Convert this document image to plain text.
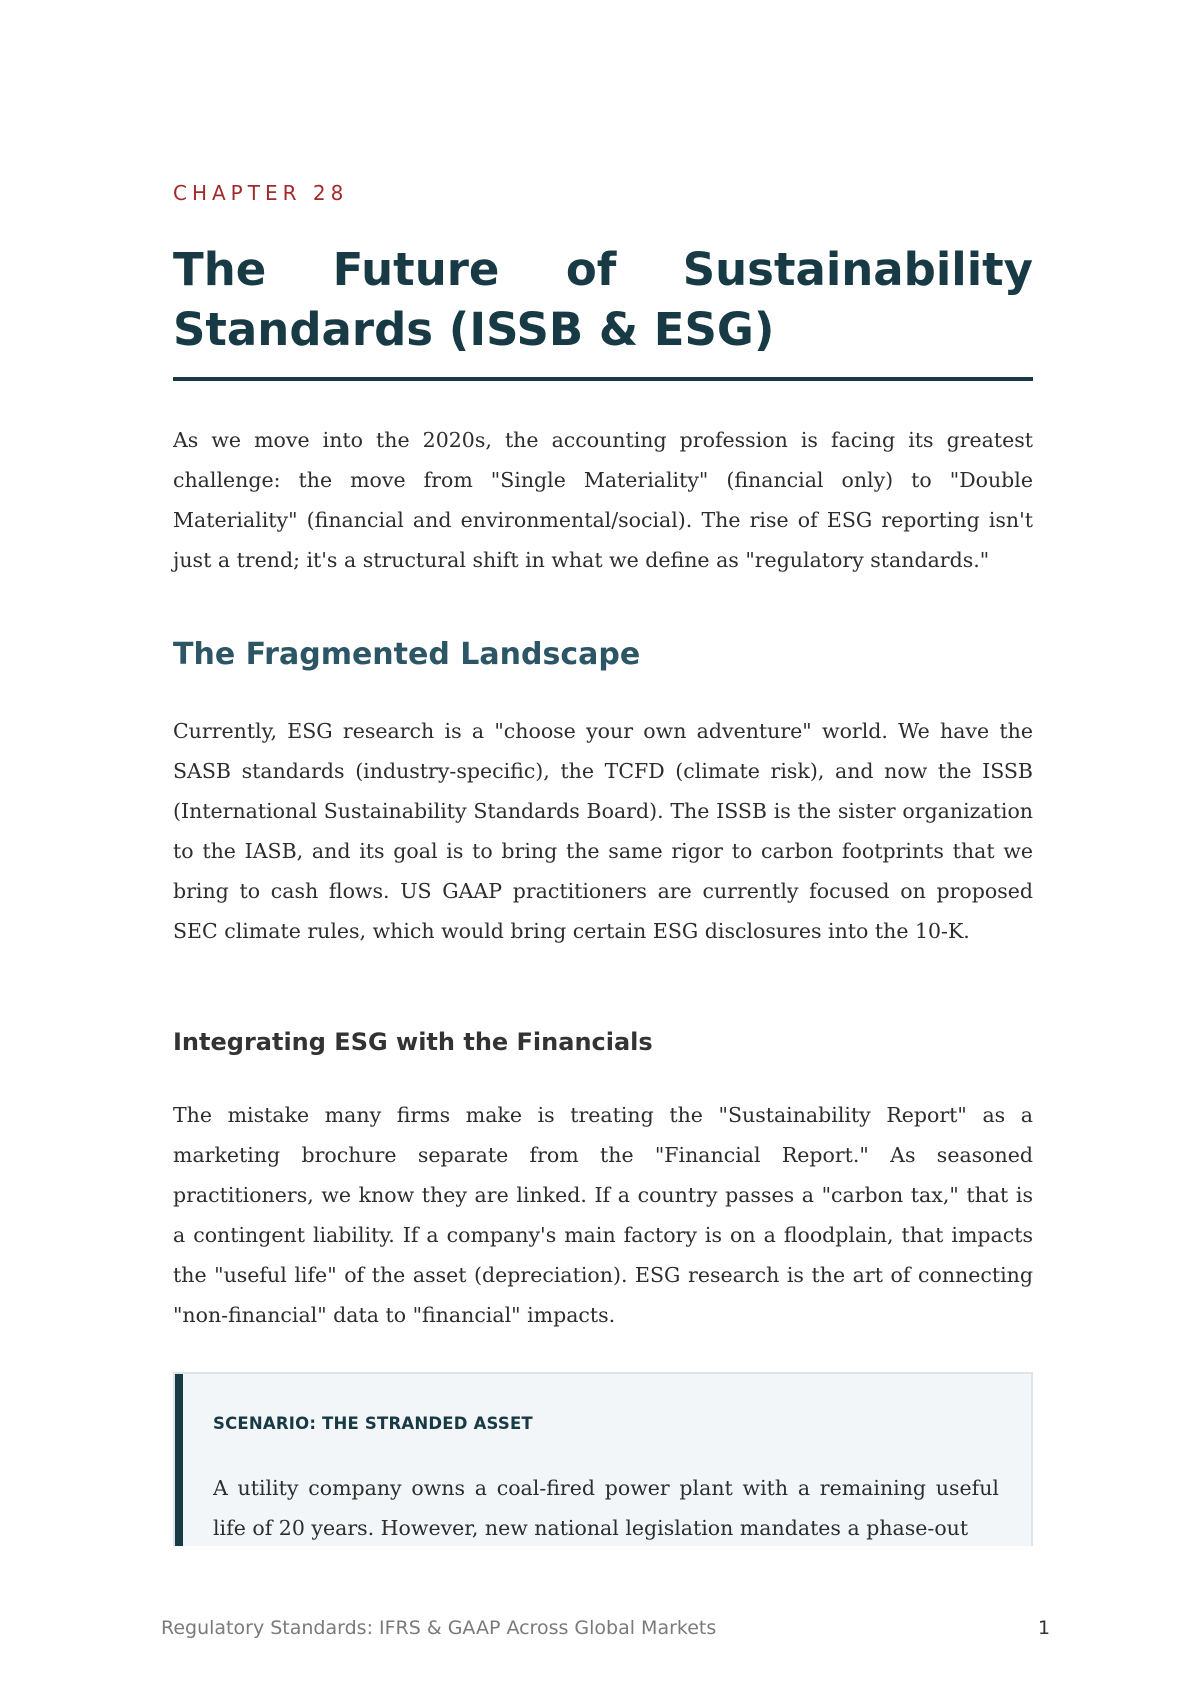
CHAPTER 28
The Future of Sustainability Standards (ISSB & ESG)

As we move into the 2020s, the accounting profession is facing its greatest challenge: the move from "Single Materiality" (financial only) to "Double Materiality" (financial and environmental/social). The rise of ESG reporting isn't just a trend; it's a structural shift in what we define as "regulatory standards."

The Fragmented Landscape

Currently, ESG research is a "choose your own adventure" world. We have the SASB standards (industry-specific), the TCFD (climate risk), and now the ISSB (International Sustainability Standards Board). The ISSB is the sister organization to the IASB, and its goal is to bring the same rigor to carbon footprints that we bring to cash flows. US GAAP practitioners are currently focused on proposed SEC climate rules, which would bring certain ESG disclosures into the 10-K.

Integrating ESG with the Financials

The mistake many firms make is treating the "Sustainability Report" as a marketing brochure separate from the "Financial Report." As seasoned practitioners, we know they are linked. If a country passes a "carbon tax," that is a contingent liability. If a company's main factory is on a floodplain, that impacts the "useful life" of the asset (depreciation). ESG research is the art of connecting "non-financial" data to "financial" impacts.

SCENARIO: THE STRANDED ASSET

A utility company owns a coal-fired power plant with a remaining useful life of 20 years. However, new national legislation mandates a phase-out

Regulatory Standards: IFRS & GAAP Across Global Markets	1
